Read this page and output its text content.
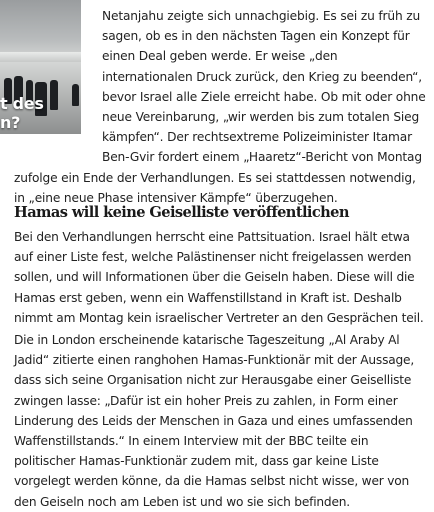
t des
n?

Netanjahu zeigte sich unnachgiebig. Es sei zu früh zu sagen, ob es in den nächsten Tagen ein Konzept für einen Deal geben werde. Er weise „den internationalen Druck zurück, den Krieg zu beenden“, bevor Israel alle Ziele erreicht habe. Ob mit oder ohne neue Vereinbarung, „wir werden bis zum totalen Sieg kämpfen“. Der rechtsextreme Polizeiminister Itamar Ben-Gvir fordert einem „Haaretz“-Bericht von Montag zufolge ein Ende der Verhandlungen. Es sei stattdessen notwendig, in „eine neue Phase intensiver Kämpfe“ überzugehen.

Hamas will keine Geiselliste veröffentlichen

Bei den Verhandlungen herrscht eine Pattsituation. Israel hält etwa auf einer Liste fest, welche Palästinenser nicht freigelassen werden sollen, und will Informationen über die Geiseln haben. Diese will die Hamas erst geben, wenn ein Waffenstillstand in Kraft ist. Deshalb nimmt am Montag kein israelischer Vertreter an den Gesprächen teil.

Die in London erscheinende katarische Tageszeitung „Al Araby Al Jadid“ zitierte einen ranghohen Hamas-Funktionär mit der Aussage, dass sich seine Organisation nicht zur Herausgabe einer Geiselliste zwingen lasse: „Dafür ist ein hoher Preis zu zahlen, in Form einer Linderung des Leids der Menschen in Gaza und eines umfassenden Waffenstillstands.“ In einem Interview mit der BBC teilte ein politischer Hamas-Funktionär zudem mit, dass gar keine Liste vorgelegt werden könne, da die Hamas selbst nicht wisse, wer von den Geiseln noch am Leben ist und wo sie sich befinden.
